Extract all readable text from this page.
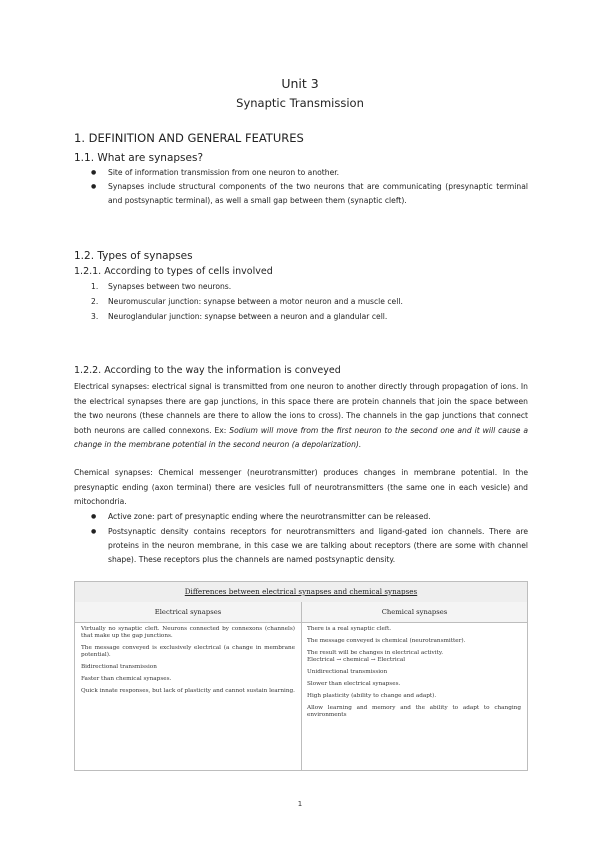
Unit 3
Synaptic Transmission
1. DEFINITION AND GENERAL FEATURES
1.1. What are synapses?
● Site of information transmission from one neuron to another.
● Synapses include structural components of the two neurons that are communicating (presynaptic terminal and postsynaptic terminal), as well a small gap between them (synaptic cleft).
1.2. Types of synapses
1.2.1. According to types of cells involved
1. Synapses between two neurons.
2. Neuromuscular junction: synapse between a motor neuron and a muscle cell.
3. Neuroglandular junction: synapse between a neuron and a glandular cell.
1.2.2. According to the way the information is conveyed
Electrical synapses: electrical signal is transmitted from one neuron to another directly through propagation of ions. In the electrical synapses there are gap junctions, in this space there are protein channels that join the space between the two neurons (these channels are there to allow the ions to cross). The channels in the gap junctions that connect both neurons are called connexons. Ex: Sodium will move from the first neuron to the second one and it will cause a change in the membrane potential in the second neuron (a depolarization).
Chemical synapses: Chemical messenger (neurotransmitter) produces changes in membrane potential. In the presynaptic ending (axon terminal) there are vesicles full of neurotransmitters (the same one in each vesicle) and mitochondria.
● Active zone: part of presynaptic ending where the neurotransmitter can be released.
● Postsynaptic density contains receptors for neurotransmitters and ligand-gated ion channels. There are proteins in the neuron membrane, in this case we are talking about receptors (there are some with channel shape). These receptors plus the channels are named postsynaptic density.
Differences between electrical synapses and chemical synapses
Electrical synapses	Chemical synapses

Virtually no synaptic cleft. Neurons connected by connexons (channels) that make up the gap junctions.

The message conveyed is exclusively electrical (a change in membrane potential).

Bidirectional transmission

Faster than chemical synapses.

Quick innate responses, but lack of plasticity and cannot sustain learning.

There is a real synaptic cleft.

The message conveyed is chemical (neurotransmitter).

The result will be changes in electrical activity.

Electrical → chemical → Electrical

Unidirectional transmission

Slower than electrical synapses.

High plasticity (ability to change and adapt).

Allow learning and memory and the ability to adapt to changing environments

1
